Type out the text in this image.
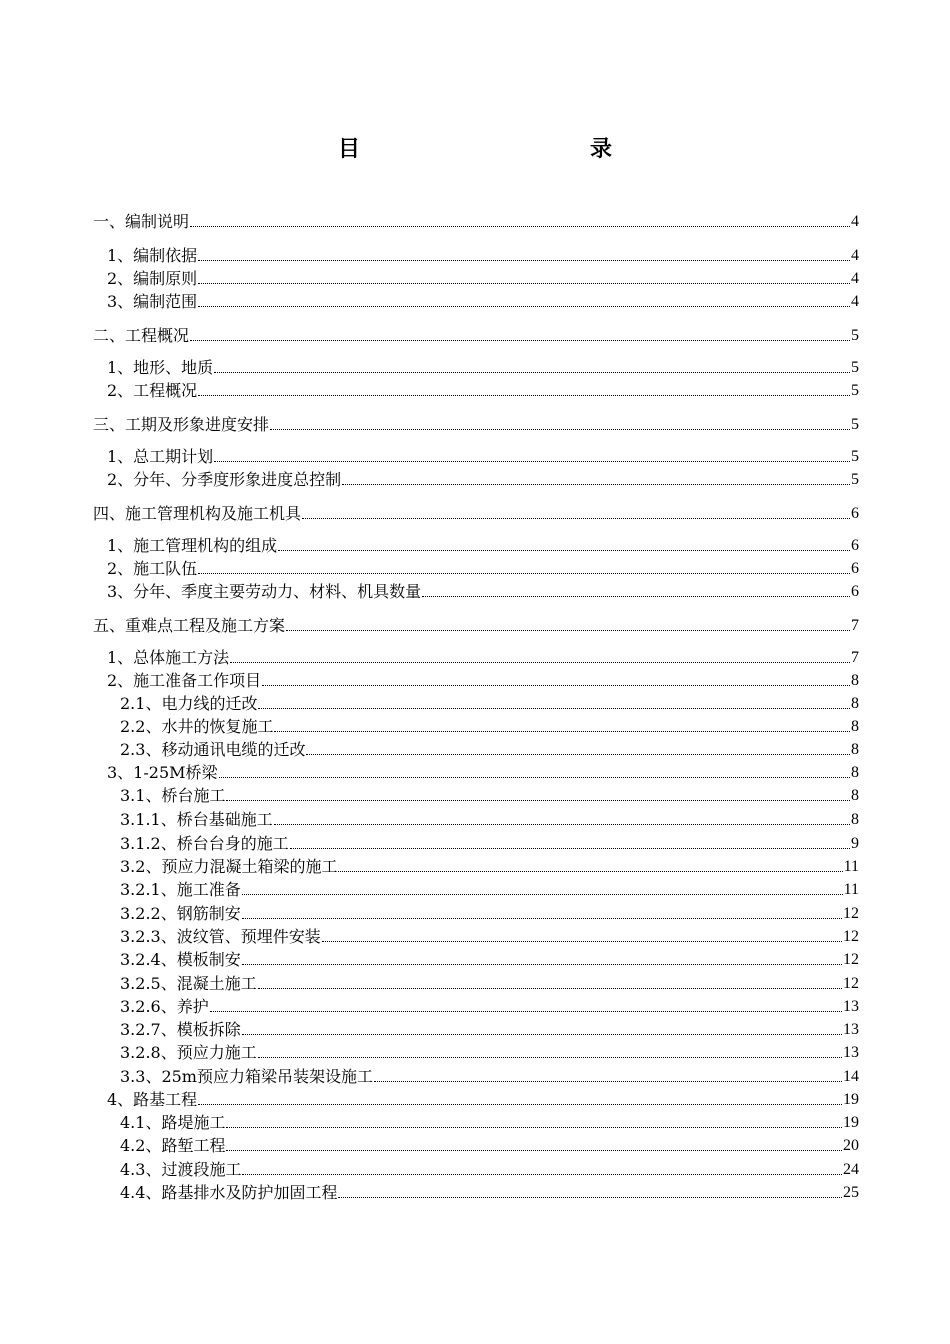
目　　录
一、编制说明	4
1、编制依据	4
2、编制原则	4
3、编制范围	4
二、工程概况	5
1、地形、地质	5
2、工程概况	5
三、工期及形象进度安排	5
1、总工期计划	5
2、分年、分季度形象进度总控制	5
四、施工管理机构及施工机具	6
1、施工管理机构的组成	6
2、施工队伍	6
3、分年、季度主要劳动力、材料、机具数量	6
五、重难点工程及施工方案	7
1、总体施工方法	7
2、施工准备工作项目	8
2.1、电力线的迁改	8
2.2、水井的恢复施工	8
2.3、移动通讯电缆的迁改	8
3、1-25M桥梁	8
3.1、桥台施工	8
3.1.1、桥台基础施工	8
3.1.2、桥台台身的施工	9
3.2、预应力混凝土箱梁的施工	11
3.2.1、施工准备	11
3.2.2、钢筋制安	12
3.2.3、波纹管、预埋件安装	12
3.2.4、模板制安	12
3.2.5、混凝土施工	12
3.2.6、养护	13
3.2.7、模板拆除	13
3.2.8、预应力施工	13
3.3、25m预应力箱梁吊装架设施工	14
4、路基工程	19
4.1、路堤施工	19
4.2、路堑工程	20
4.3、过渡段施工	24
4.4、路基排水及防护加固工程	25
